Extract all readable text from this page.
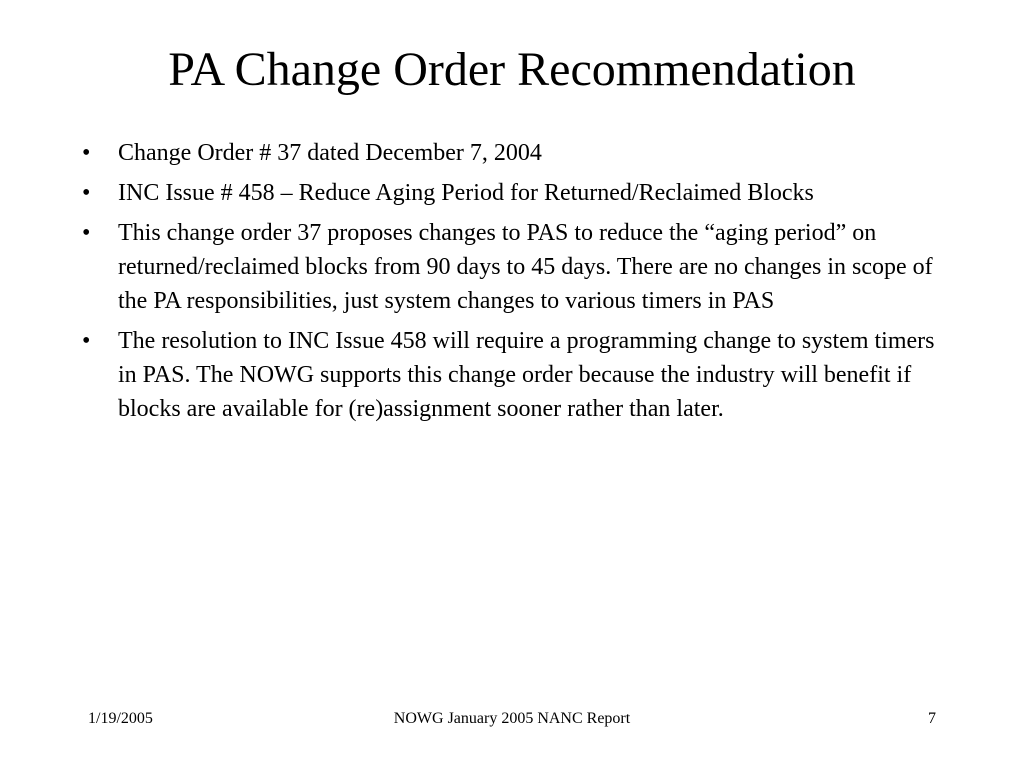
PA Change Order Recommendation
• Change Order # 37 dated December 7, 2004
• INC Issue # 458 – Reduce Aging Period for Returned/Reclaimed Blocks
• This change order 37 proposes changes to PAS to reduce the “aging period” on returned/reclaimed blocks from 90 days to 45 days. There are no changes in scope of the PA responsibilities, just system changes to various timers in PAS
• The resolution to INC Issue 458 will require a programming change to system timers in PAS. The NOWG supports this change order because the industry will benefit if blocks are available for (re)assignment sooner rather than later.
1/19/2005	NOWG January 2005 NANC Report	7
